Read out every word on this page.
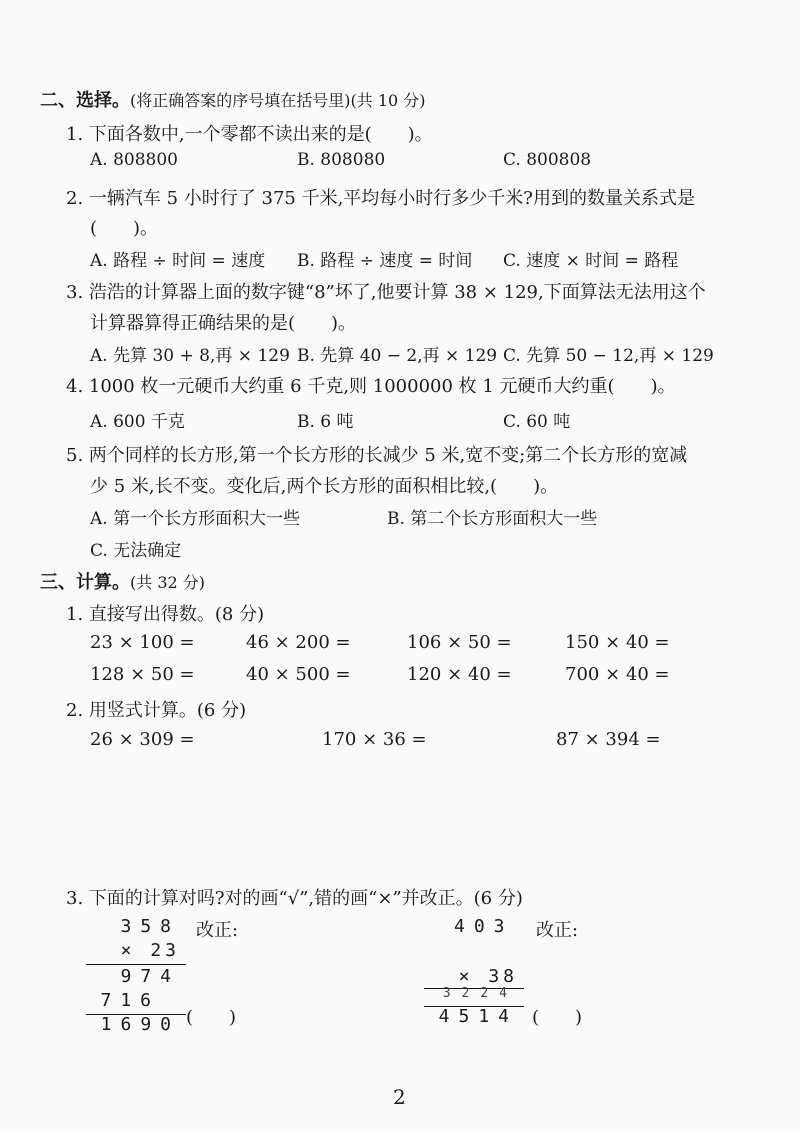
二、选择。(将正确答案的序号填在括号里)(共 10 分)
1. 下面各数中,一个零都不读出来的是(　　)。
A. 808800	B. 808080	C. 800808
2. 一辆汽车 5 小时行了 375 千米,平均每小时行多少千米?用到的数量关系式是
(　　)。
A. 路程 ÷ 时间 = 速度 B. 路程 ÷ 速度 = 时间 C. 速度 × 时间 = 路程
3. 浩浩的计算器上面的数字键“8”坏了,他要计算 38 × 129,下面算法无法用这个
计算器算得正确结果的是(　　)。
A. 先算 30 + 8,再 × 129 B. 先算 40 − 2,再 × 129 C. 先算 50 − 12,再 × 129
4. 1000 枚一元硬币大约重 6 千克,则 1000000 枚 1 元硬币大约重(　　)。
A. 600 千克	B. 6 吨	C. 60 吨
5. 两个同样的长方形,第一个长方形的长减少 5 米,宽不变;第二个长方形的宽减
少 5 米,长不变。变化后,两个长方形的面积相比较,(　　)。
A. 第一个长方形面积大一些	B. 第二个长方形面积大一些
C. 无法确定
三、计算。(共 32 分)
1. 直接写出得数。(8 分)
23 × 100 =	46 × 200 =	106 × 50 =	150 × 40 =
128 × 50 =	40 × 500 =	120 × 40 =	700 × 40 =
2. 用竖式计算。(6 分)
26 × 309 =	170 × 36 =	87 × 394 =
3. 下面的计算对吗?对的画“√”,错的画“×”并改正。(6 分)
358
× 23
974
716
1690
改正:
(　　)
403 改正:
× 38
3224
4514 (　　)
2
